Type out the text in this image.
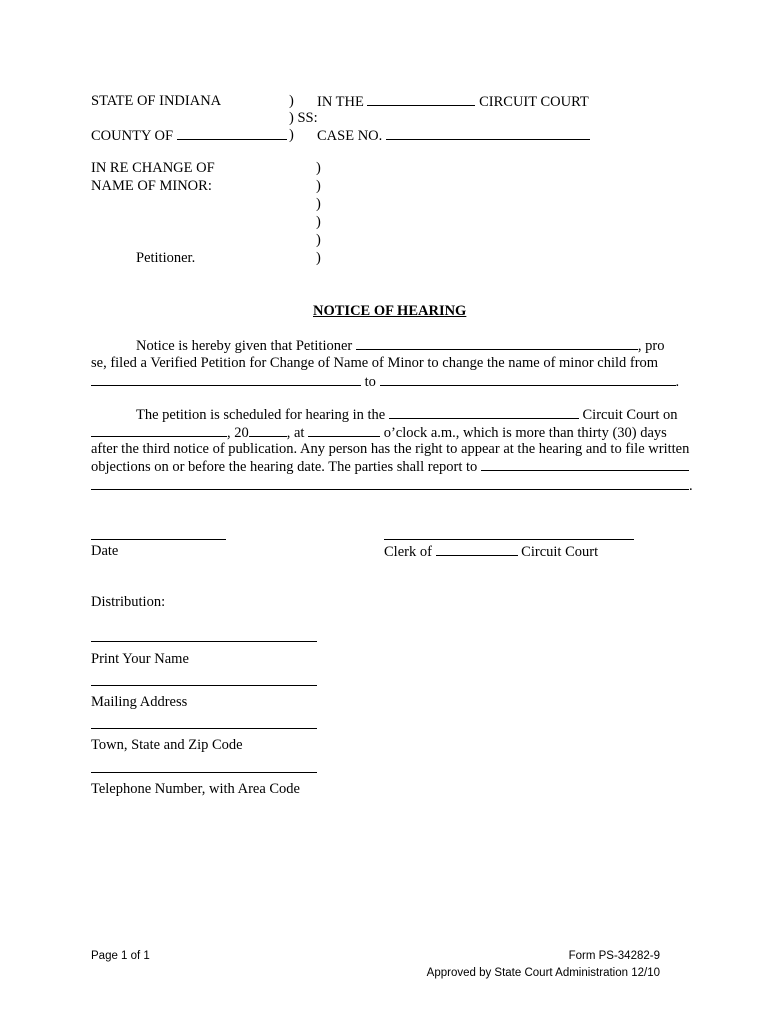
STATE OF INDIANA	) IN THE	CIRCUIT COURT
) SS:
COUNTY OF	) CASE NO.
IN RE CHANGE OF
NAME OF MINOR:
)
)
)
)
)
)
Petitioner.
NOTICE OF HEARING
Notice is hereby given that Petitioner	, pro
se, filed a Verified Petition for Change of Name of Minor to change the name of minor child from
to	.
The petition is scheduled for hearing in the	Circuit Court on
, 20	, at	o’clock a.m., which is more than thirty (30) days
after the third notice of publication. Any person has the right to appear at the hearing and to file written
objections on or before the hearing date. The parties shall report to
.
Date	Clerk of	Circuit Court
Distribution:
Print Your Name
Mailing Address
Town, State and Zip Code
Telephone Number, with Area Code
Page 1 of 1	Form PS-34282-9
Approved by State Court Administration 12/10
